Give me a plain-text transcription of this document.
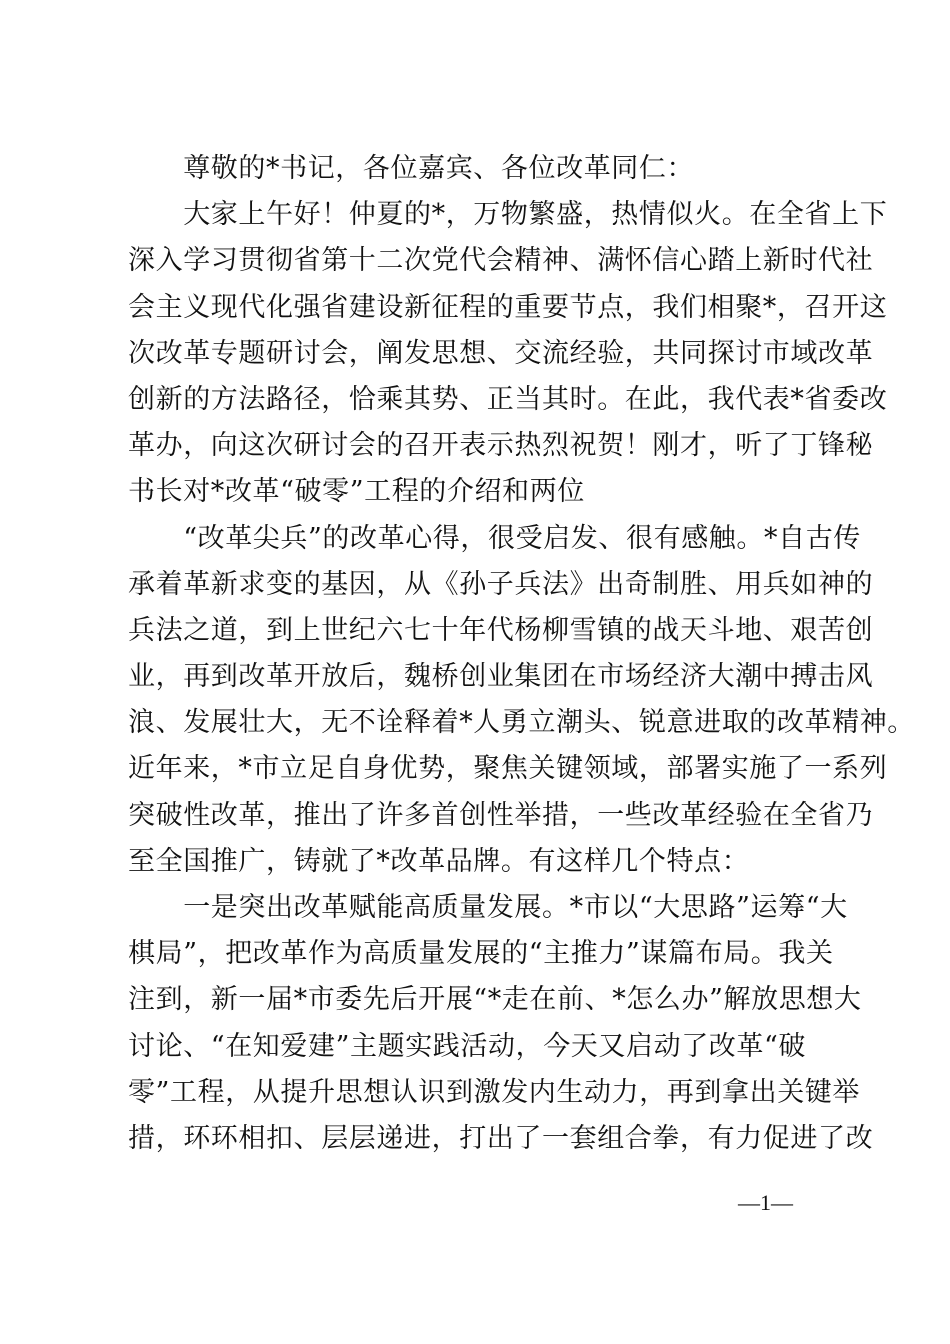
　　尊敬的*书记，各位嘉宾、各位改革同仁：
　　大家上午好！仲夏的*，万物繁盛，热情似火。在全省上下
深入学习贯彻省第十二次党代会精神、满怀信心踏上新时代社
会主义现代化强省建设新征程的重要节点，我们相聚*，召开这
次改革专题研讨会，阐发思想、交流经验，共同探讨市域改革
创新的方法路径，恰乘其势、正当其时。在此，我代表*省委改
革办，向这次研讨会的召开表示热烈祝贺！刚才，听了丁锋秘
书长对*改革“破零”工程的介绍和两位
　　“改革尖兵”的改革心得，很受启发、很有感触。*自古传
承着革新求变的基因，从《孙子兵法》出奇制胜、用兵如神的
兵法之道，到上世纪六七十年代杨柳雪镇的战天斗地、艰苦创
业，再到改革开放后，魏桥创业集团在市场经济大潮中搏击风
浪、发展壮大，无不诠释着*人勇立潮头、锐意进取的改革精神。
近年来，*市立足自身优势，聚焦关键领域，部署实施了一系列
突破性改革，推出了许多首创性举措，一些改革经验在全省乃
至全国推广，铸就了*改革品牌。有这样几个特点：
　　一是突出改革赋能高质量发展。*市以“大思路”运筹“大
棋局”，把改革作为高质量发展的“主推力”谋篇布局。我关
注到，新一届*市委先后开展“*走在前、*怎么办”解放思想大
讨论、“在知爱建”主题实践活动，今天又启动了改革“破
零”工程，从提升思想认识到激发内生动力，再到拿出关键举
措，环环相扣、层层递进，打出了一套组合拳，有力促进了改
—1—
